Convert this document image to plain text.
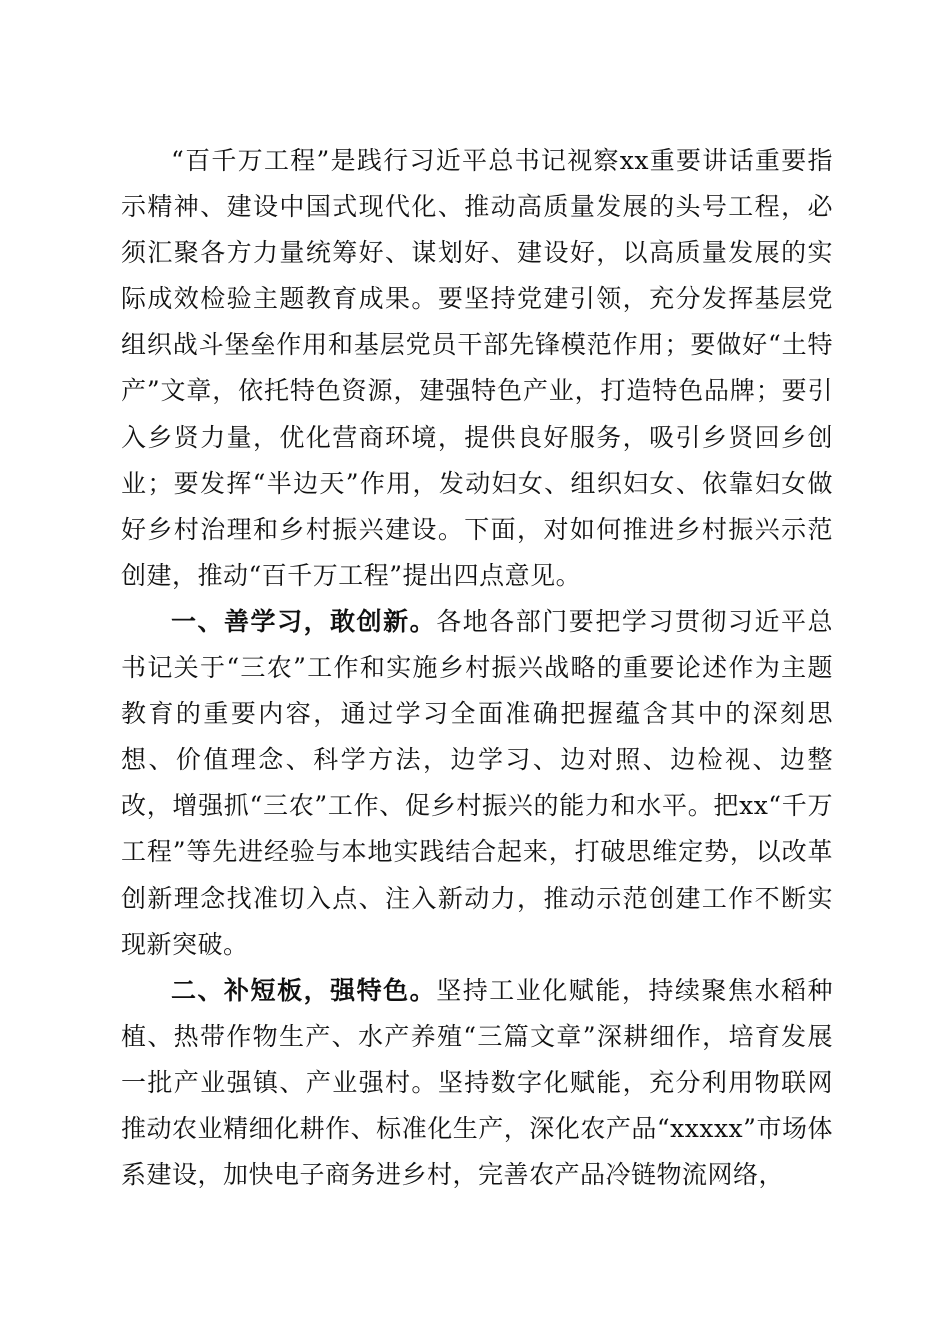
“百千万工程”是践行习近平总书记视察xx重要讲话重要指示精神、建设中国式现代化、推动高质量发展的头号工程，必须汇聚各方力量统筹好、谋划好、建设好，以高质量发展的实际成效检验主题教育成果。要坚持党建引领，充分发挥基层党组织战斗堡垒作用和基层党员干部先锋模范作用；要做好“土特产”文章，依托特色资源，建强特色产业，打造特色品牌；要引入乡贤力量，优化营商环境，提供良好服务，吸引乡贤回乡创业；要发挥“半边天”作用，发动妇女、组织妇女、依靠妇女做好乡村治理和乡村振兴建设。下面，对如何推进乡村振兴示范创建，推动“百千万工程”提出四点意见。

一、善学习，敢创新。各地各部门要把学习贯彻习近平总书记关于“三农”工作和实施乡村振兴战略的重要论述作为主题教育的重要内容，通过学习全面准确把握蕴含其中的深刻思想、价值理念、科学方法，边学习、边对照、边检视、边整改，增强抓“三农”工作、促乡村振兴的能力和水平。把xx“千万工程”等先进经验与本地实践结合起来，打破思维定势，以改革创新理念找准切入点、注入新动力，推动示范创建工作不断实现新突破。

二、补短板，强特色。坚持工业化赋能，持续聚焦水稻种植、热带作物生产、水产养殖“三篇文章”深耕细作，培育发展一批产业强镇、产业强村。坚持数字化赋能，充分利用物联网推动农业精细化耕作、标准化生产，深化农产品“xxxxx”市场体系建设，加快电子商务进乡村，完善农产品冷链物流网络，
